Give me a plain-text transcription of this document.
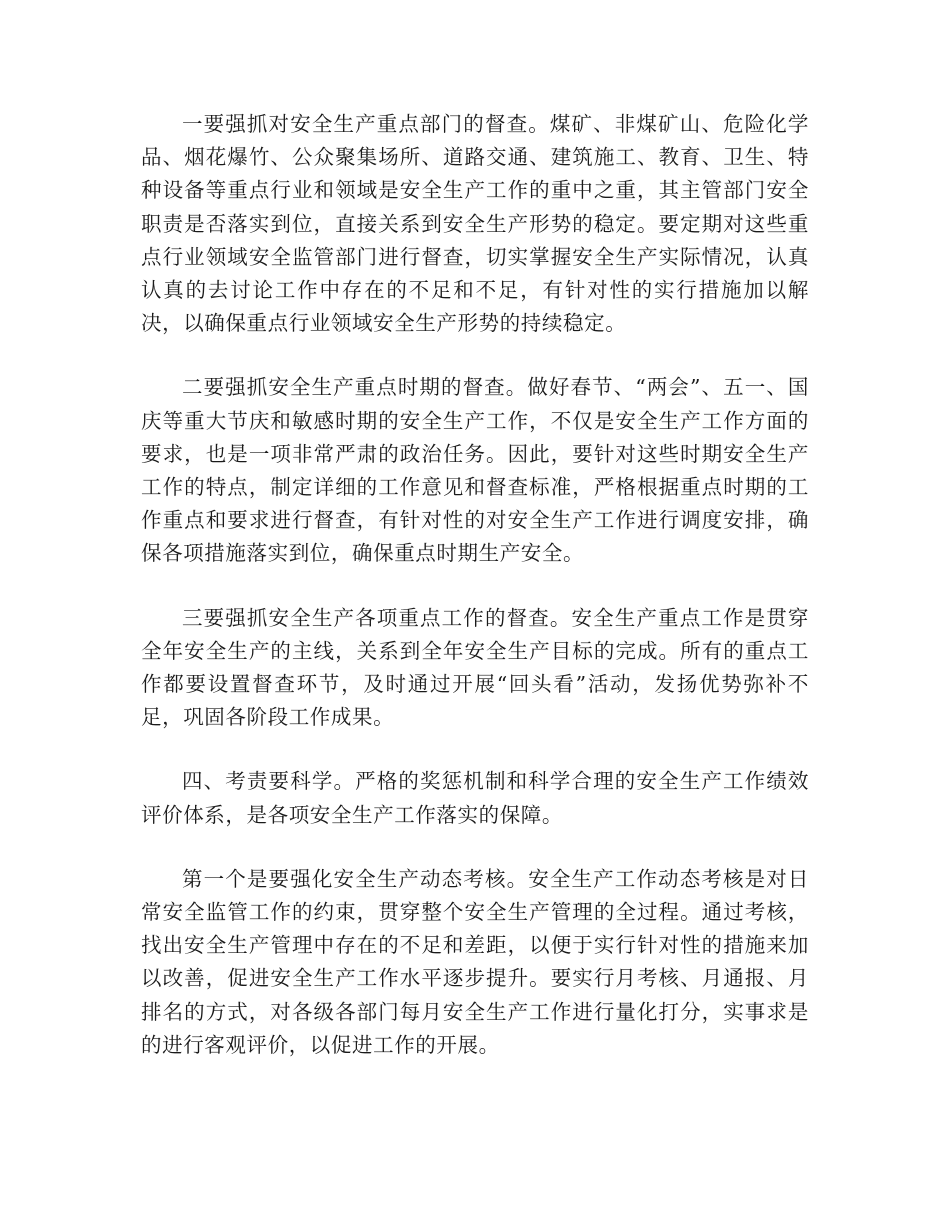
一要强抓对安全生产重点部门的督查。煤矿、非煤矿山、危险化学品、烟花爆竹、公众聚集场所、道路交通、建筑施工、教育、卫生、特种设备等重点行业和领域是安全生产工作的重中之重，其主管部门安全职责是否落实到位，直接关系到安全生产形势的稳定。要定期对这些重点行业领域安全监管部门进行督查，切实掌握安全生产实际情况，认真认真的去讨论工作中存在的不足和不足，有针对性的实行措施加以解决，以确保重点行业领域安全生产形势的持续稳定。

二要强抓安全生产重点时期的督查。做好春节、“两会”、五一、国庆等重大节庆和敏感时期的安全生产工作，不仅是安全生产工作方面的要求，也是一项非常严肃的政治任务。因此，要针对这些时期安全生产工作的特点，制定详细的工作意见和督查标准，严格根据重点时期的工作重点和要求进行督查，有针对性的对安全生产工作进行调度安排，确保各项措施落实到位，确保重点时期生产安全。

三要强抓安全生产各项重点工作的督查。安全生产重点工作是贯穿全年安全生产的主线，关系到全年安全生产目标的完成。所有的重点工作都要设置督查环节，及时通过开展“回头看”活动，发扬优势弥补不足，巩固各阶段工作成果。

四、考责要科学。严格的奖惩机制和科学合理的安全生产工作绩效评价体系，是各项安全生产工作落实的保障。

第一个是要强化安全生产动态考核。安全生产工作动态考核是对日常安全监管工作的约束，贯穿整个安全生产管理的全过程。通过考核，找出安全生产管理中存在的不足和差距，以便于实行针对性的措施来加以改善，促进安全生产工作水平逐步提升。要实行月考核、月通报、月排名的方式，对各级各部门每月安全生产工作进行量化打分，实事求是的进行客观评价，以促进工作的开展。
